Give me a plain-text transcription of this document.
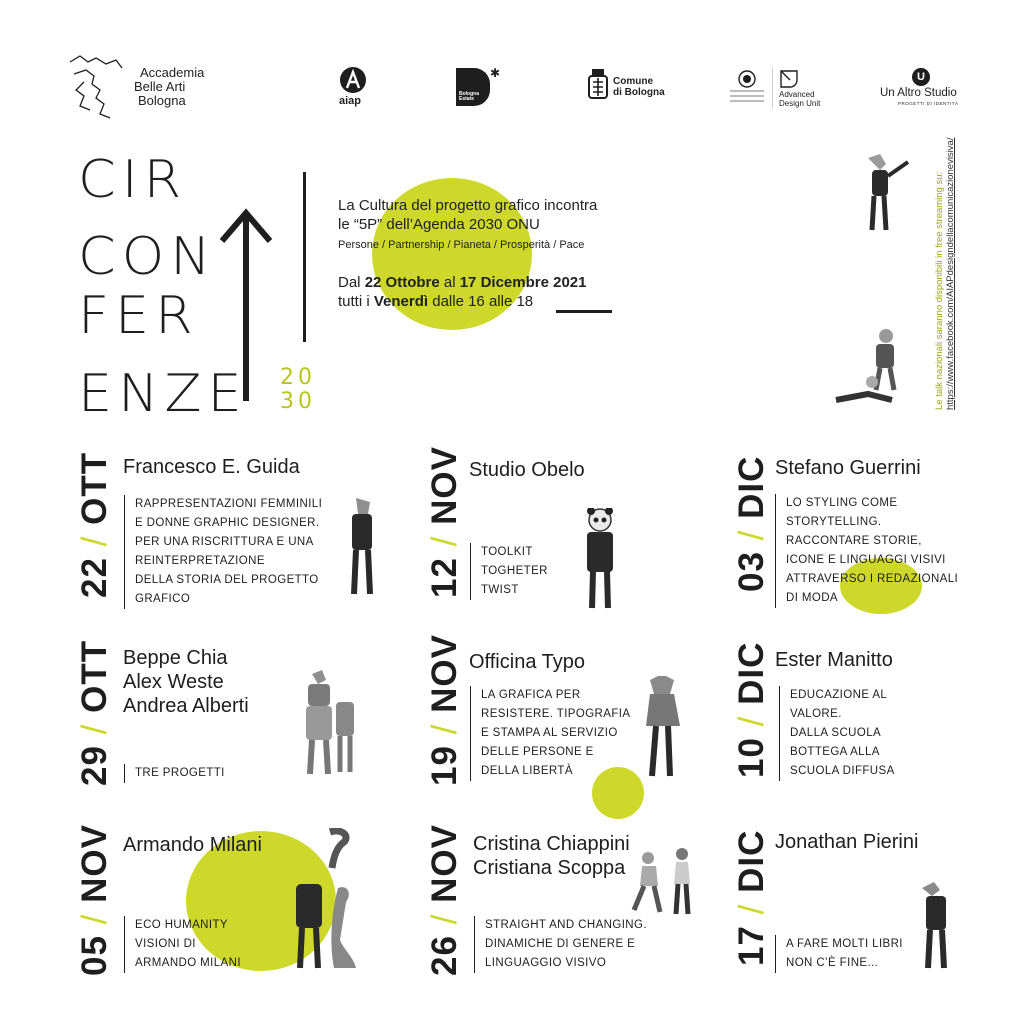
Accademia
Belle Arti
Bologna	aiap
✱
Bologna
Estate
Comune
di Bologna	Advanced
Design Unit
U
Un Altro Studio
PROGETTI DI IDENTITÀ
CIR
CON
FER
ENZE 20
30
La Cultura del progetto grafico incontra
le “5P” dell’Agenda 2030 ONU
Persone / Partnership / Pianeta / Prosperità / Pace
Dal 22 Ottobre al 17 Dicembre 2021
tutti i Venerdì dalle 16 alle 18	Le talk nazionali saranno disponibili in free streaming su: https://www.facebook.com/AIAPdesigndellacomunicazionevisiva/
22 / OTT Francesco E. Guida
RAPPRESENTAZIONI FEMMINILI
E DONNE GRAPHIC DESIGNER.
PER UNA RISCRITTURA E UNA
REINTERPRETAZIONE
DELLA STORIA DEL PROGETTO
GRAFICO
29 / OTT Beppe Chia
Alex Weste
Andrea Alberti
TRE PROGETTI
05 / NOV Armando Milani
ECO HUMANITY
VISIONI DI
ARMANDO MILANI
12 / NOV Studio Obelo
TOOLKIT
TOGHETER
TWIST
19 / NOV Officina Typo
LA GRAFICA PER
RESISTERE. TIPOGRAFIA
E STAMPA AL SERVIZIO
DELLE PERSONE E
DELLA LIBERTÀ
26 / NOV Cristina Chiappini
Cristiana Scoppa
STRAIGHT AND CHANGING.
DINAMICHE DI GENERE E
LINGUAGGIO VISIVO
03 / DIC Stefano Guerrini
LO STYLING COME
STORYTELLING.
RACCONTARE STORIE,
ICONE E LINGUAGGI VISIVI
ATTRAVERSO I REDAZIONALI
DI MODA
10 / DIC Ester Manitto
EDUCAZIONE AL
VALORE.
DALLA SCUOLA
BOTTEGA ALLA
SCUOLA DIFFUSA
17 / DIC Jonathan Pierini
A FARE MOLTI LIBRI
NON C’È FINE...
